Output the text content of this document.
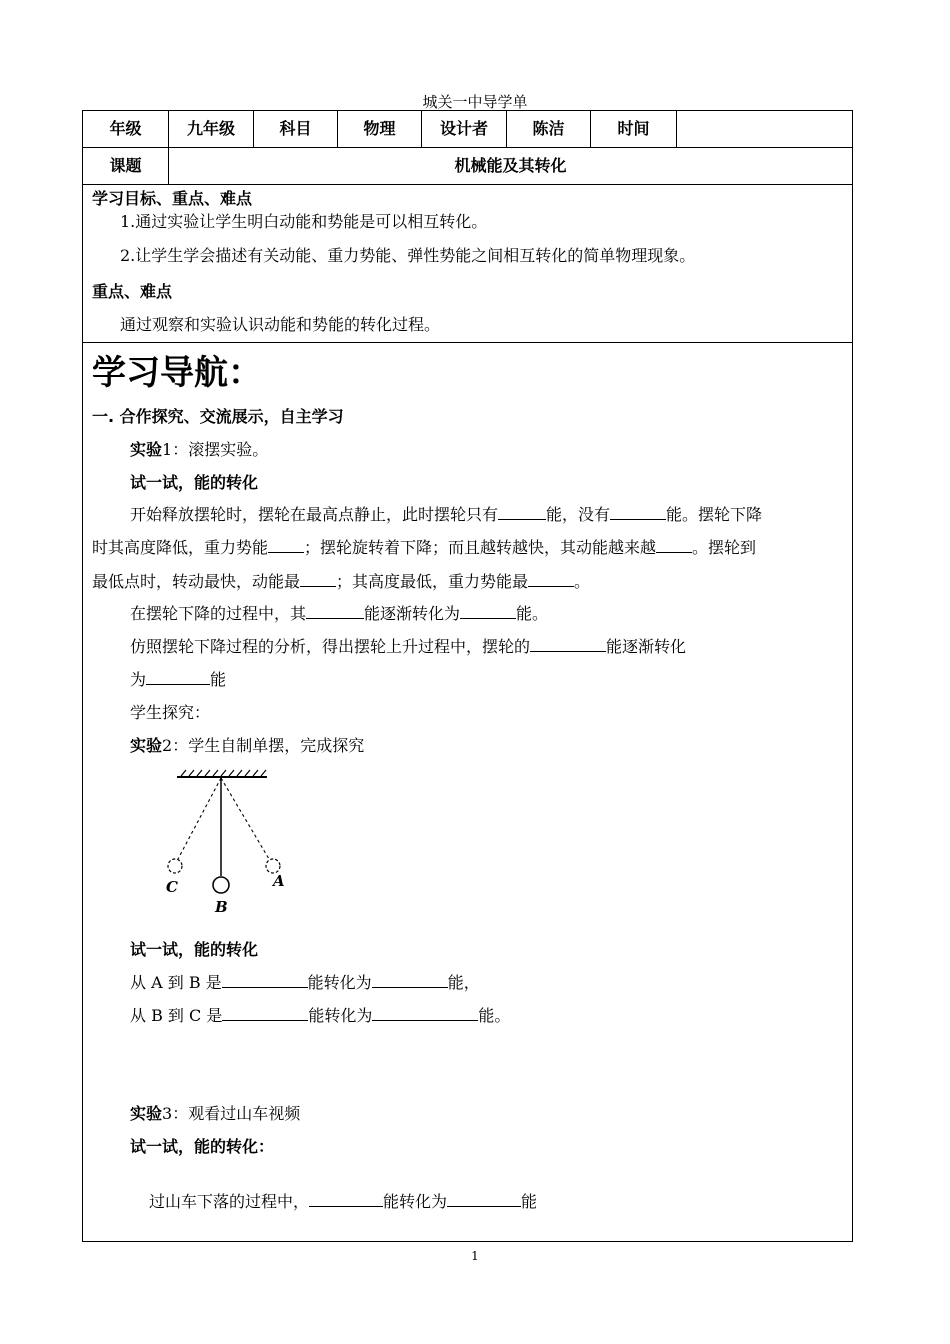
城关一中导学单
年级	九年级	科目	物理	设计者	陈洁	时间
课题	机械能及其转化
学习目标、重点、难点
1.通过实验让学生明白动能和势能是可以相互转化。
2.让学生学会描述有关动能、重力势能、弹性势能之间相互转化的简单物理现象。
重点、难点
通过观察和实验认识动能和势能的转化过程。
学习导航：
一. 合作探究、交流展示，自主学习
实验1：滚摆实验。
试一试，能的转化
开始释放摆轮时，摆轮在最高点静止，此时摆轮只有	能，没有	能。摆轮下降
时其高度降低，重力势能 ；摆轮旋转着下降；而且越转越快，其动能越来越 。摆轮到
最低点时，转动最快，动能最 ；其高度最低，重力势能最	。
在摆轮下降的过程中，其	能逐渐转化为	能。
仿照摆轮下降过程的分析，得出摆轮上升过程中，摆轮的	能逐渐转化
为	能
学生探究：
实验2：学生自制单摆，完成探究
C
B
A
试一试，能的转化
从 A 到 B 是	能转化为	能，
从 B 到 C 是	能转化为	能。
实验3：观看过山车视频
试一试，能的转化：
过山车下落的过程中，	能转化为	能
1
